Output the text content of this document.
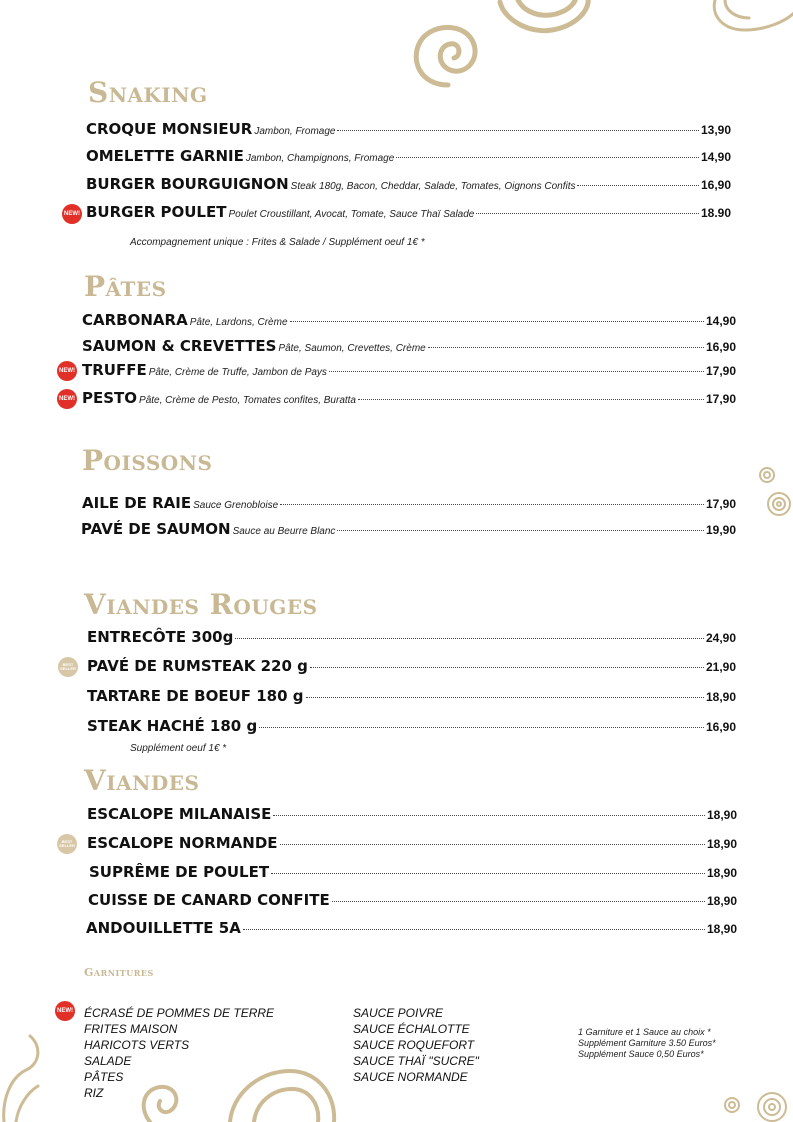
Snaking
CROQUE MONSIEUR Jambon, Fromage	13,90
OMELETTE GARNIE Jambon, Champignons, Fromage	14,90
BURGER BOURGUIGNON Steak 180g, Bacon, Cheddar, Salade, Tomates, Oignons Confits	16,90
NEW! BURGER POULET Poulet Croustillant, Avocat, Tomate, Sauce Thaï Salade	18.90
Accompagnement unique : Frites & Salade / Supplément oeuf 1€ *
Pâtes
CARBONARA Pâte, Lardons, Crème	14,90
SAUMON & CREVETTES Pâte, Saumon, Crevettes, Crème	16,90
NEW! TRUFFE Pâte, Crème de Truffe, Jambon de Pays	17,90
NEW! PESTO Pâte, Crème de Pesto, Tomates confites, Buratta	17,90
Poissons
AILE DE RAIE Sauce Grenobloise	17,90
PAVÉ DE SAUMON Sauce au Beurre Blanc	19,90
Viandes Rouges
ENTRECÔTE 300g	24,90
BEST
SELLER PAVÉ DE RUMSTEAK 220 g	21,90
TARTARE DE BOEUF 180 g	18,90
STEAK HACHÉ 180 g	16,90
Supplément oeuf 1€ *
Viandes
ESCALOPE MILANAISE	18,90
BEST
SELLER ESCALOPE NORMANDE	18,90
SUPRÊME DE POULET	18,90
CUISSE DE CANARD CONFITE	18,90
ANDOUILLETTE 5A	18,90
Garnitures
NEW! ÉCRASÉ DE POMMES DE TERRE
FRITES MAISON
HARICOTS VERTS
SALADE
PÂTES
RIZ
SAUCE POIVRE
SAUCE ÉCHALOTTE
SAUCE ROQUEFORT
SAUCE THAÏ "SUCRE"
SAUCE NORMANDE
1 Garniture et 1 Sauce au choix *
Supplément Garniture 3.50 Euros*
Supplément Sauce 0,50 Euros*
